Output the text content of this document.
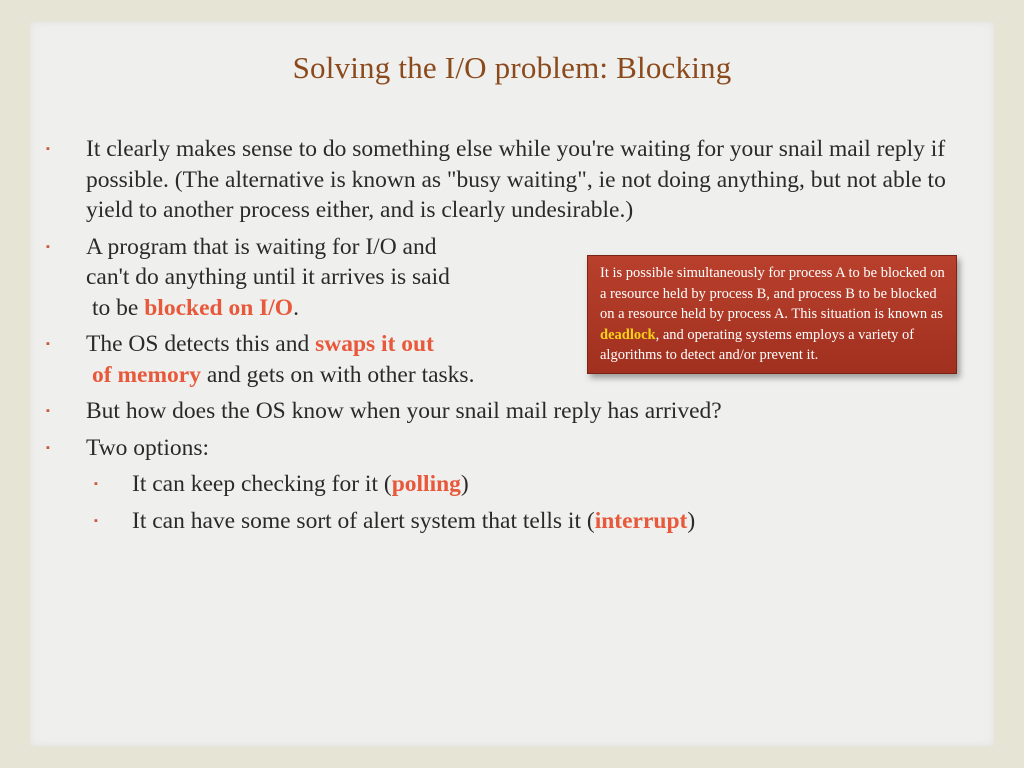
Solving the I/O problem: Blocking
▪ It clearly makes sense to do something else while you're waiting for your snail mail reply if possible. (The alternative is known as "busy waiting", ie not doing anything, but not able to yield to another process either, and is clearly undesirable.)
▪ A program that is waiting for I/O and
can't do anything until it arrives is said
to be blocked on I/O.
▪ The OS detects this and swaps it out
of memory and gets on with other tasks.
▪ But how does the OS know when your snail mail reply has arrived?
▪ Two options:
▪ It can keep checking for it (polling)
▪ It can have some sort of alert system that tells it (interrupt)
It is possible simultaneously for process A to be blocked on a resource held by process B, and process B to be blocked on a resource held by process A. This situation is known as deadlock, and operating systems employs a variety of algorithms to detect and/or prevent it.
